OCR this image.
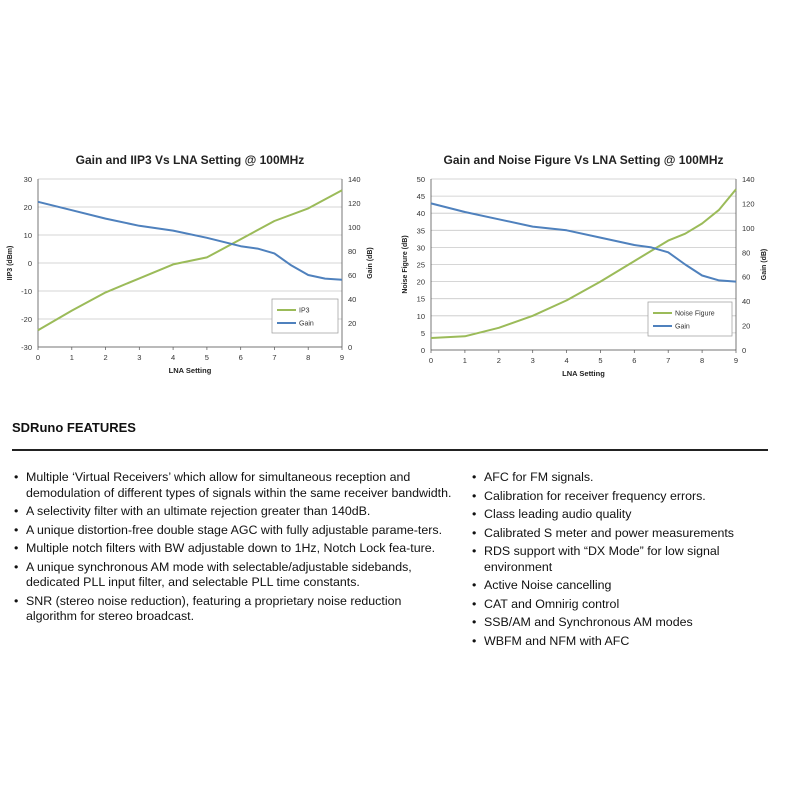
Gain and IIP3 Vs LNA Setting @ 100MHz
30
20
10
0
-10
-20
-30
140
120
100
80
60
40
20
0
0	1	2	3	4	5	6	7	8	9
LNA Setting
IIP3 (dBm)	Gain (dB)
IP3
Gain
Gain and Noise Figure Vs LNA Setting @ 100MHz
50
45
40
35
30
25
20
15
10
5
0
140
120
100
80
60
40
20
0
0	1	2	3	4	5	6	7	8	9
LNA Setting
Noise Figure (dB)	Gain (dB)
Noise Figure
Gain
SDRuno FEATURES
• Multiple ‘Virtual Receivers’ which allow for simultaneous reception and demodulation of different types of signals within the same receiver bandwidth.
• A selectivity filter with an ultimate rejection greater than 140dB.
• A unique distortion-free double stage AGC with fully adjustable parame-ters.
• Multiple notch filters with BW adjustable down to 1Hz, Notch Lock fea-ture.
• A unique synchronous AM mode with selectable/adjustable sidebands, dedicated PLL input filter, and selectable PLL time constants.
• SNR (stereo noise reduction), featuring a proprietary noise reduction algorithm for stereo broadcast.
• AFC for FM signals.
• Calibration for receiver frequency errors.
• Class leading audio quality
• Calibrated S meter and power measurements
• RDS support with “DX Mode” for low signal environment
• Active Noise cancelling
• CAT and Omnirig control
• SSB/AM and Synchronous AM modes
• WBFM and NFM with AFC
